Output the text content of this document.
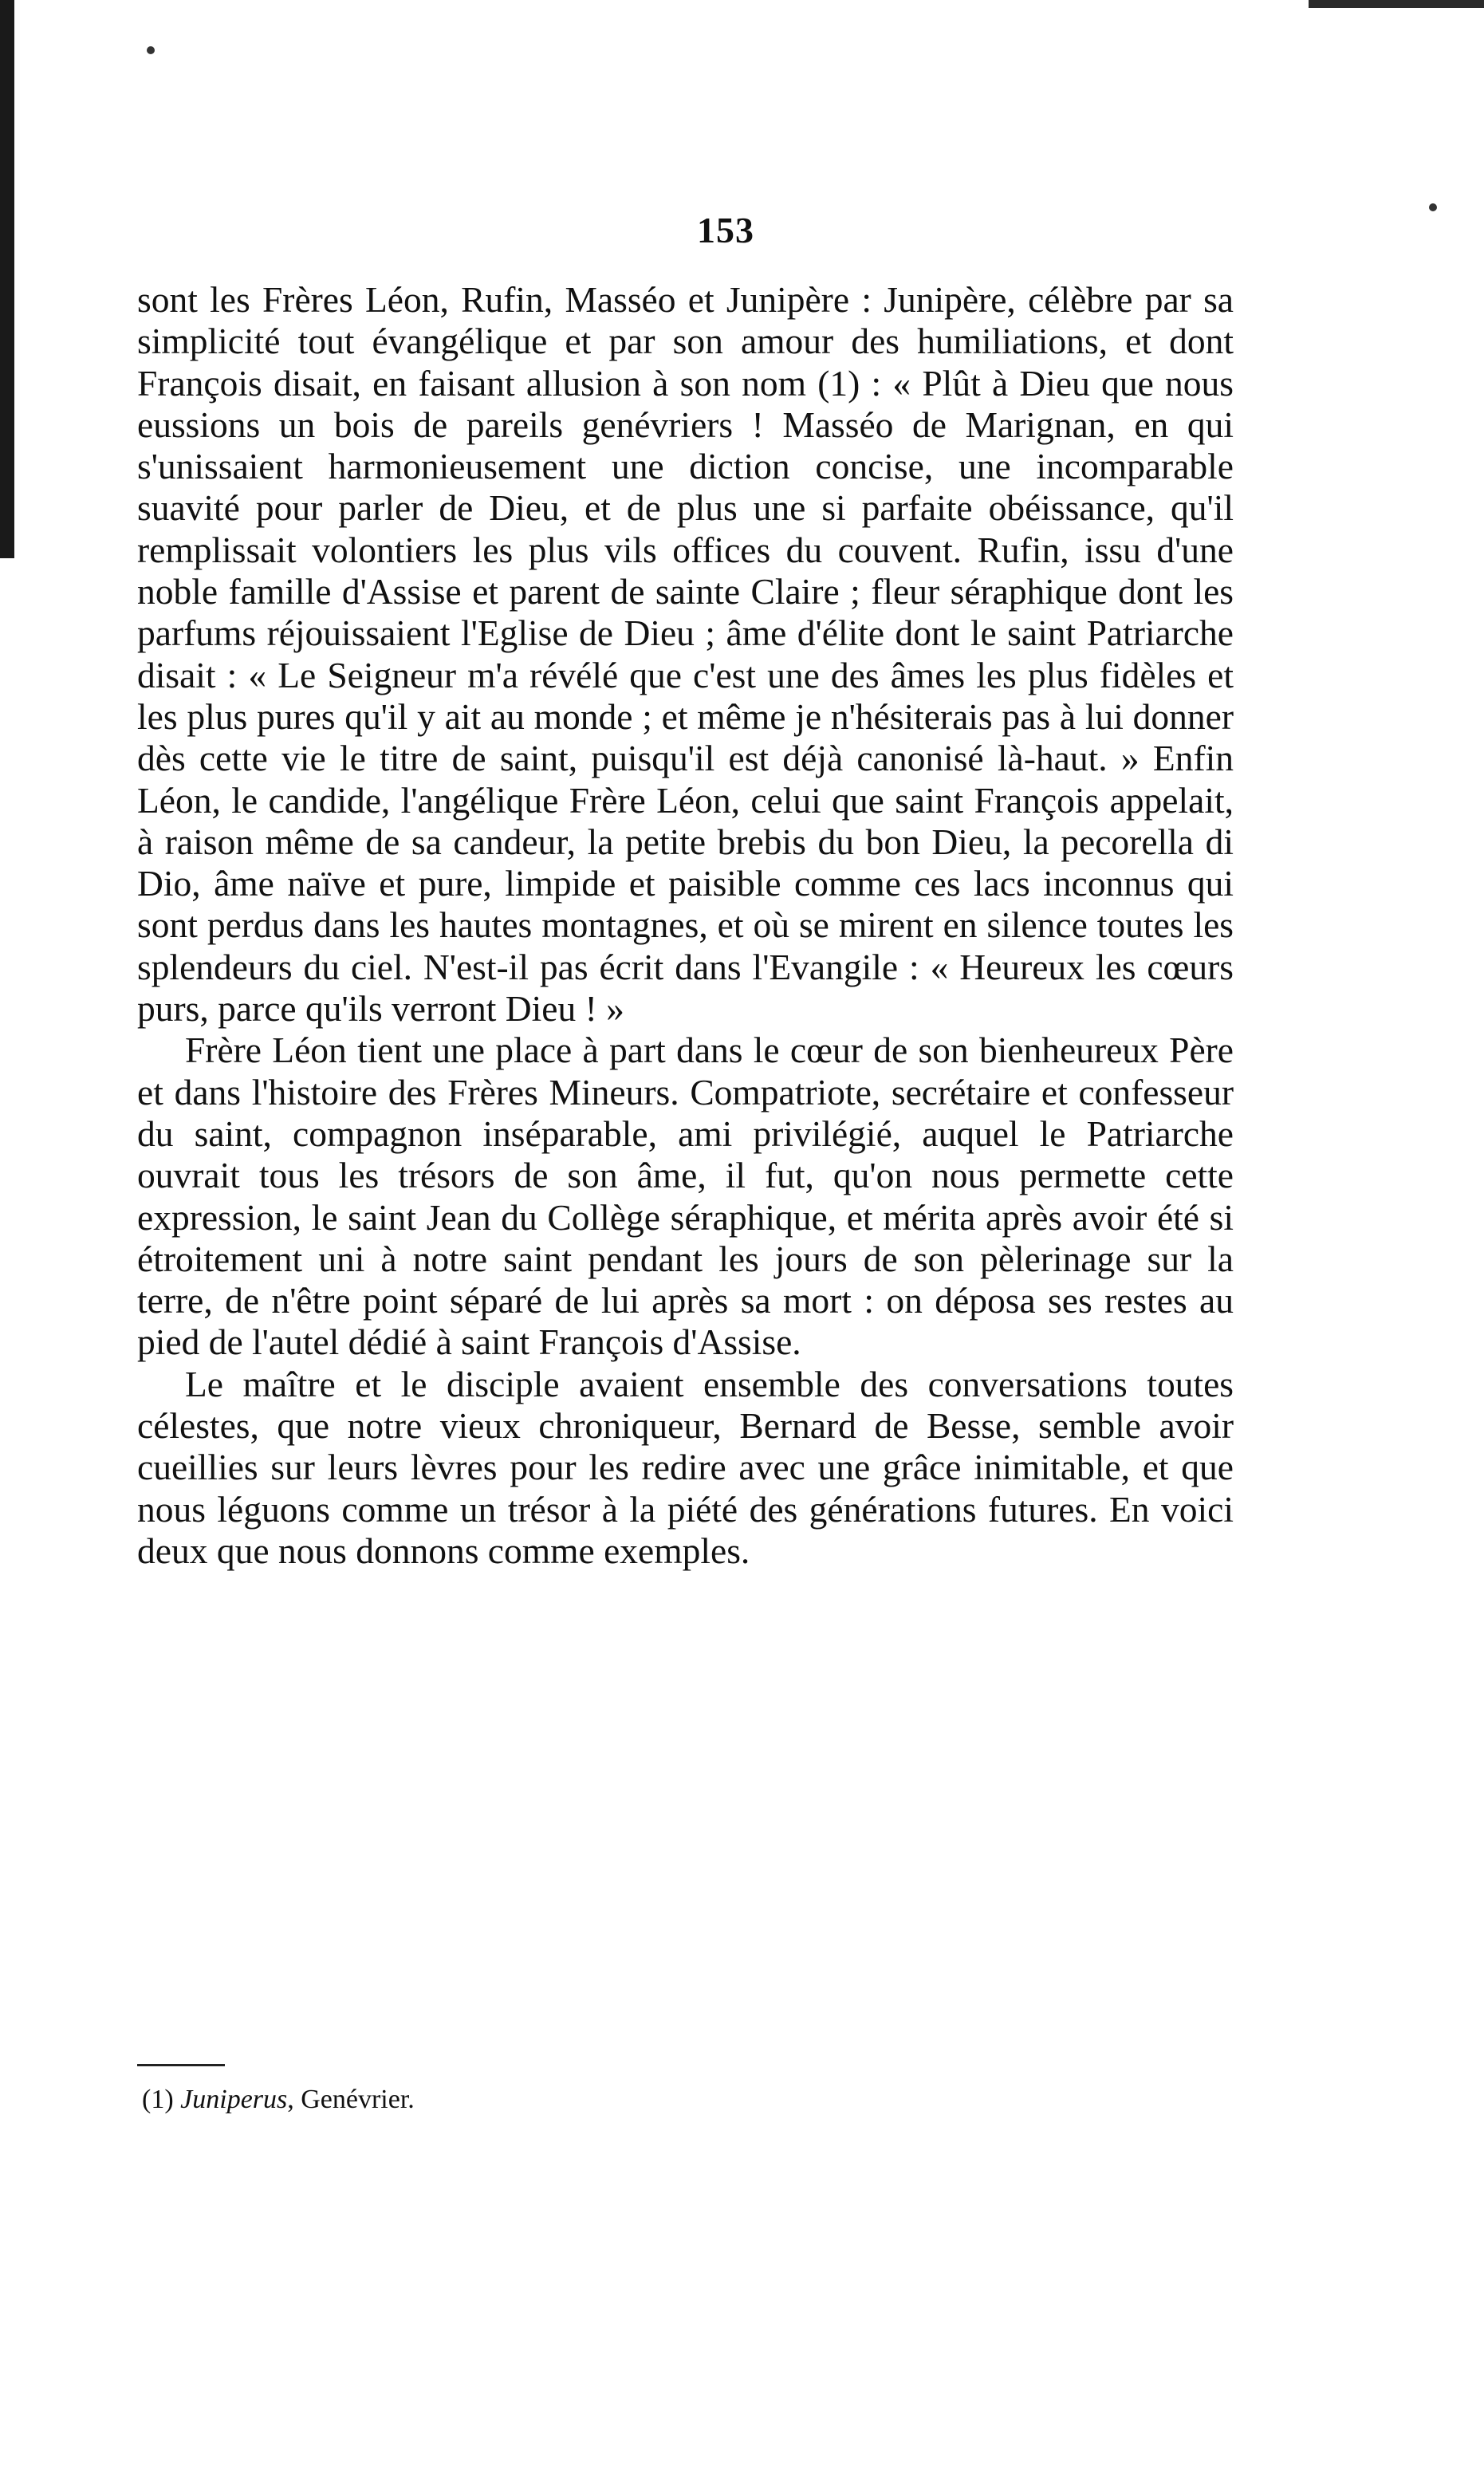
153

sont les Frères Léon, Rufin, Masséo et Junipère : Junipère, célèbre par sa simplicité tout évangélique et par son amour des humiliations, et dont François disait, en faisant allusion à son nom (1) : « Plût à Dieu que nous eussions un bois de pareils genévriers ! Masséo de Marignan, en qui s'unissaient harmonieusement une diction concise, une incomparable suavité pour parler de Dieu, et de plus une si parfaite obéissance, qu'il remplissait volontiers les plus vils offices du couvent. Rufin, issu d'une noble famille d'Assise et parent de sainte Claire ; fleur séraphique dont les parfums réjouissaient l'Eglise de Dieu ; âme d'élite dont le saint Patriarche disait : « Le Seigneur m'a révélé que c'est une des âmes les plus fidèles et les plus pures qu'il y ait au monde ; et même je n'hésiterais pas à lui donner dès cette vie le titre de saint, puisqu'il est déjà canonisé là-haut. » Enfin Léon, le candide, l'angélique Frère Léon, celui que saint François appelait, à raison même de sa candeur, la petite brebis du bon Dieu, la pecorella di Dio, âme naïve et pure, limpide et paisible comme ces lacs inconnus qui sont perdus dans les hautes montagnes, et où se mirent en silence toutes les splendeurs du ciel. N'est-il pas écrit dans l'Evangile : « Heureux les cœurs purs, parce qu'ils verront Dieu ! »

Frère Léon tient une place à part dans le cœur de son bienheureux Père et dans l'histoire des Frères Mineurs. Compatriote, secrétaire et confesseur du saint, compagnon inséparable, ami privilégié, auquel le Patriarche ouvrait tous les trésors de son âme, il fut, qu'on nous permette cette expression, le saint Jean du Collège séraphique, et mérita après avoir été si étroitement uni à notre saint pendant les jours de son pèlerinage sur la terre, de n'être point séparé de lui après sa mort : on déposa ses restes au pied de l'autel dédié à saint François d'Assise.

Le maître et le disciple avaient ensemble des conversations toutes célestes, que notre vieux chroniqueur, Bernard de Besse, semble avoir cueillies sur leurs lèvres pour les redire avec une grâce inimitable, et que nous léguons comme un trésor à la piété des générations futures. En voici deux que nous donnons comme exemples.

(1) Juniperus, Genévrier.
